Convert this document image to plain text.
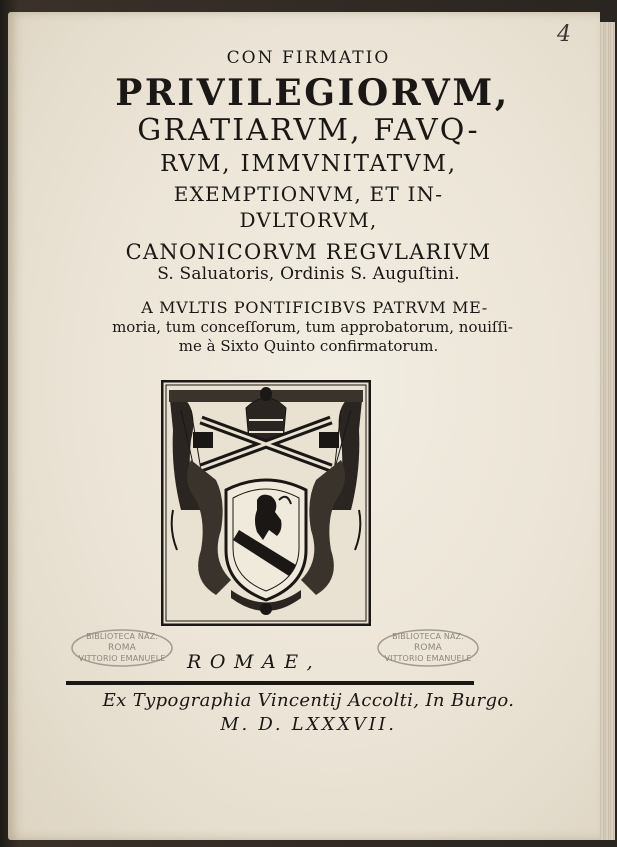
4
CON FIRMATIO
PRIVILEGIORVM,
GRATIARVM, FAVQ-
RVM, IMMVNITATVM,
EXEMPTIONVM, ET IN-
DVLTORVM,
CANONICORVM REGVLARIVM
S. Saluatoris, Ordinis S. Auguſtini.
A MVLTIS PONTIFICIBVS PATRVM ME-
moria, tum conceſſorum, tum approbatorum, nouiſſi-
me à Sixto Quinto confirmatorum.
BIBLIOTECA NAZ.
ROMA
VITTORIO EMANUELE
BIBLIOTECA NAZ.
ROMA
VITTORIO EMANUELE
ROMAE,
Ex Typographia Vincentij Accolti, In Burgo.
M. D. LXXXVII.
